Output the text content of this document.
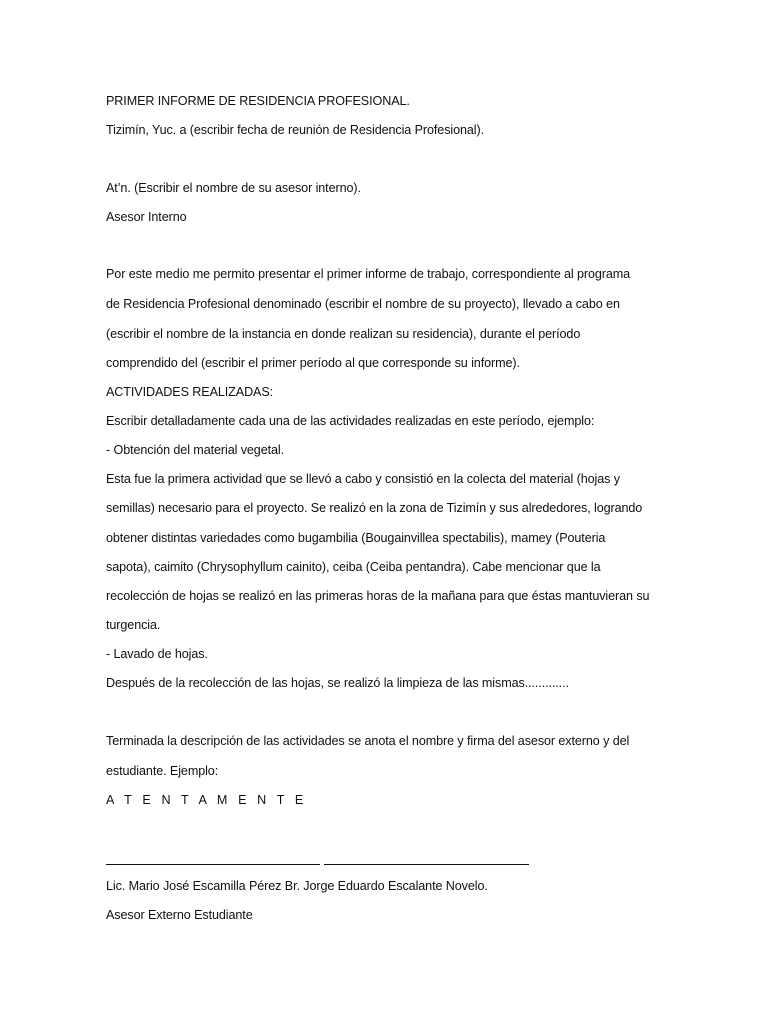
PRIMER INFORME DE RESIDENCIA PROFESIONAL.
Tizimín, Yuc. a (escribir fecha de reunión de Residencia Profesional).
At’n. (Escribir el nombre de su asesor interno).
Asesor Interno
Por este medio me permito presentar el primer informe de trabajo, correspondiente al programa
de Residencia Profesional denominado (escribir el nombre de su proyecto), llevado a cabo en
(escribir el nombre de la instancia en donde realizan su residencia), durante el período
comprendido del (escribir el primer período al que corresponde su informe).
ACTIVIDADES REALIZADAS:
Escribir detalladamente cada una de las actividades realizadas en este período, ejemplo:
- Obtención del material vegetal.
Esta fue la primera actividad que se llevó a cabo y consistió en la colecta del material (hojas y
semillas) necesario para el proyecto. Se realizó en la zona de Tizimín y sus alrededores, logrando
obtener distintas variedades como bugambilia (Bougainvillea spectabilis), mamey (Pouteria
sapota), caimito (Chrysophyllum cainito), ceiba (Ceiba pentandra). Cabe mencionar que la
recolección de hojas se realizó en las primeras horas de la mañana para que éstas mantuvieran su
turgencia.
- Lavado de hojas.
Después de la recolección de las hojas, se realizó la limpieza de las mismas.............
Terminada la descripción de las actividades se anota el nombre y firma del asesor externo y del
estudiante. Ejemplo:
A T E N T A M E N T E
Lic. Mario José Escamilla Pérez Br. Jorge Eduardo Escalante Novelo.
Asesor Externo Estudiante
